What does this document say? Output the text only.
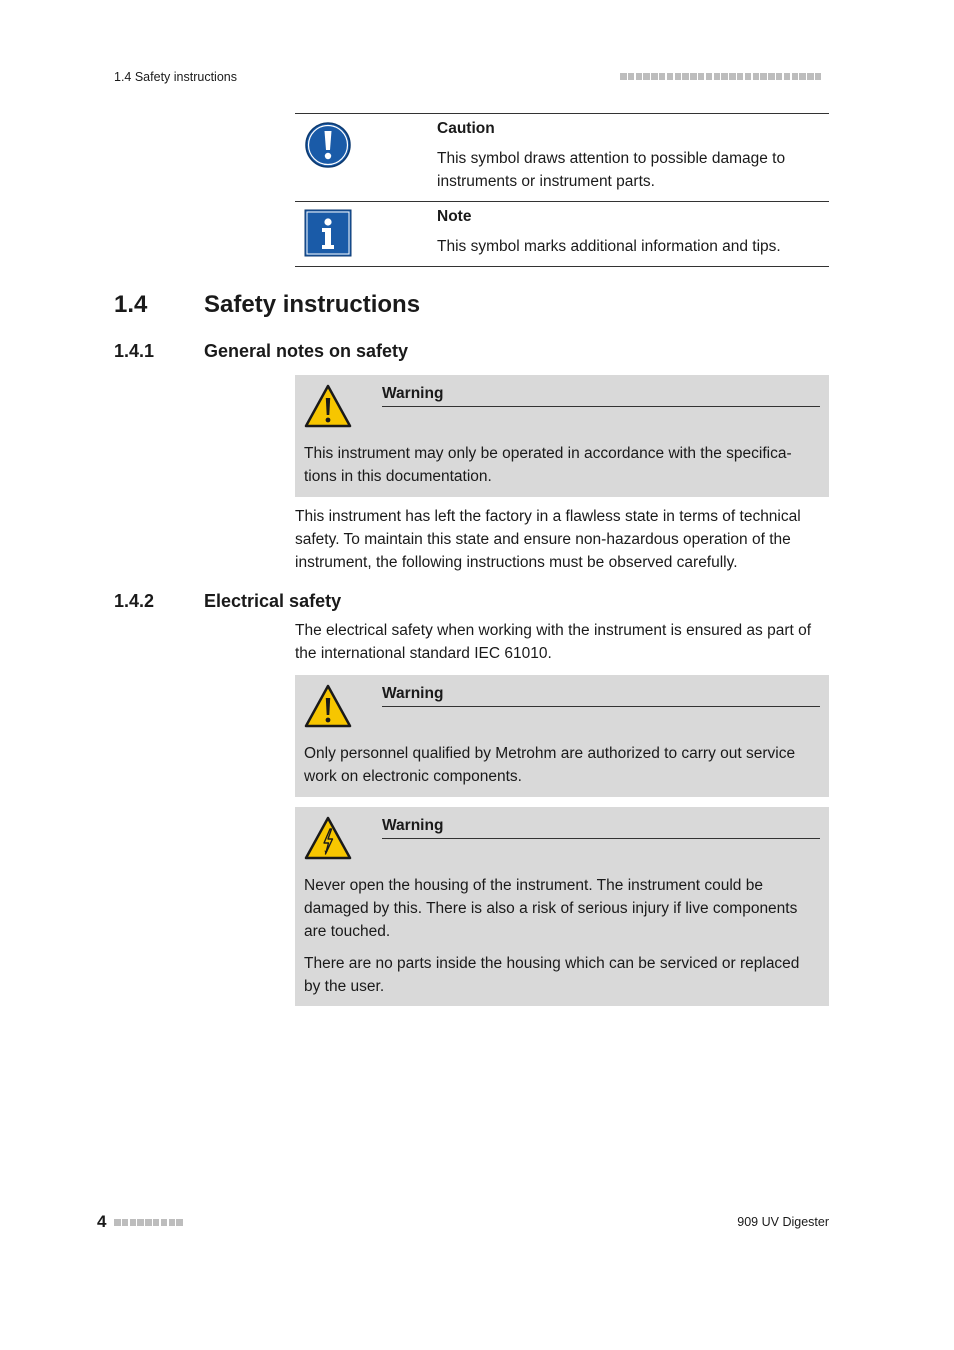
1.4 Safety instructions
Caution
This symbol draws attention to possible damage to instruments or instrument parts.
Note
This symbol marks additional information and tips.
1.4 Safety instructions
1.4.1	General notes on safety
Warning

This instrument may only be operated in accordance with the specifica-tions in this documentation.

This instrument has left the factory in a flawless state in terms of technical safety. To maintain this state and ensure non-hazardous operation of the instrument, the following instructions must be observed carefully.

1.4.2	Electrical safety

The electrical safety when working with the instrument is ensured as part of the international standard IEC 61010.

Warning

Only personnel qualified by Metrohm are authorized to carry out service work on electronic components.

Warning

Never open the housing of the instrument. The instrument could be damaged by this. There is also a risk of serious injury if live components are touched.

There are no parts inside the housing which can be serviced or replaced by the user.

4	909 UV Digester
